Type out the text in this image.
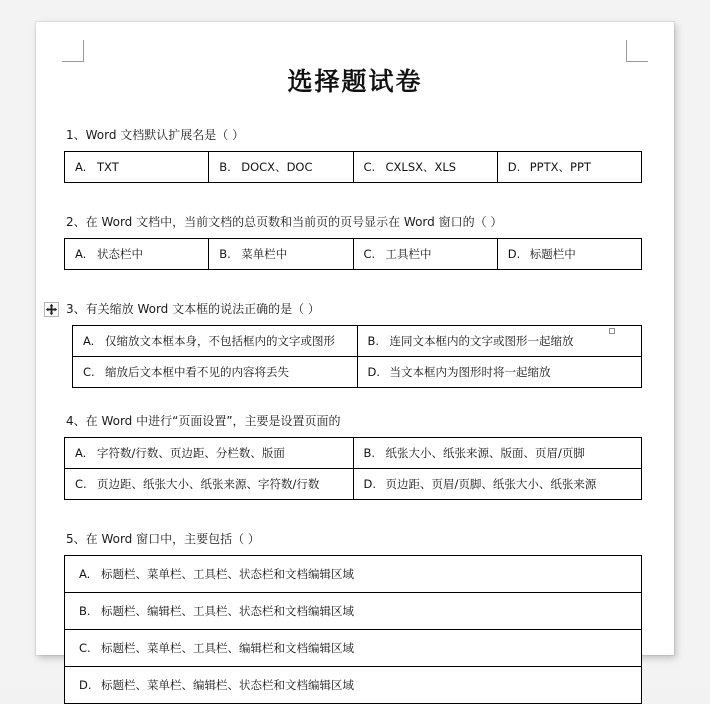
选择题试卷
1、Word 文档默认扩展名是（ ）
A. TXT	B. DOCX、DOC	C. CXLSX、XLS	D. PPTX、PPT
2、在 Word 文档中，当前文档的总页数和当前页的页号显示在 Word 窗口的（ ）
A. 状态栏中	B. 菜单栏中	C. 工具栏中	D. 标题栏中
3、有关缩放 Word 文本框的说法正确的是（ ）
A. 仅缩放文本框本身，不包括框内的文字或图形	B. 连同文本框内的文字或图形一起缩放
C. 缩放后文本框中看不见的内容将丢失	D. 当文本框内为图形时将一起缩放
4、在 Word 中进行“页面设置”，主要是设置页面的
A. 字符数/行数、页边距、分栏数、版面	B. 纸张大小、纸张来源、版面、页眉/页脚
C. 页边距、纸张大小、纸张来源、字符数/行数	D. 页边距、页眉/页脚、纸张大小、纸张来源
5、在 Word 窗口中，主要包括（ ）
A. 标题栏、菜单栏、工具栏、状态栏和文档编辑区域
B. 标题栏、编辑栏、工具栏、状态栏和文档编辑区域
C. 标题栏、菜单栏、工具栏、编辑栏和文档编辑区域
D. 标题栏、菜单栏、编辑栏、状态栏和文档编辑区域
